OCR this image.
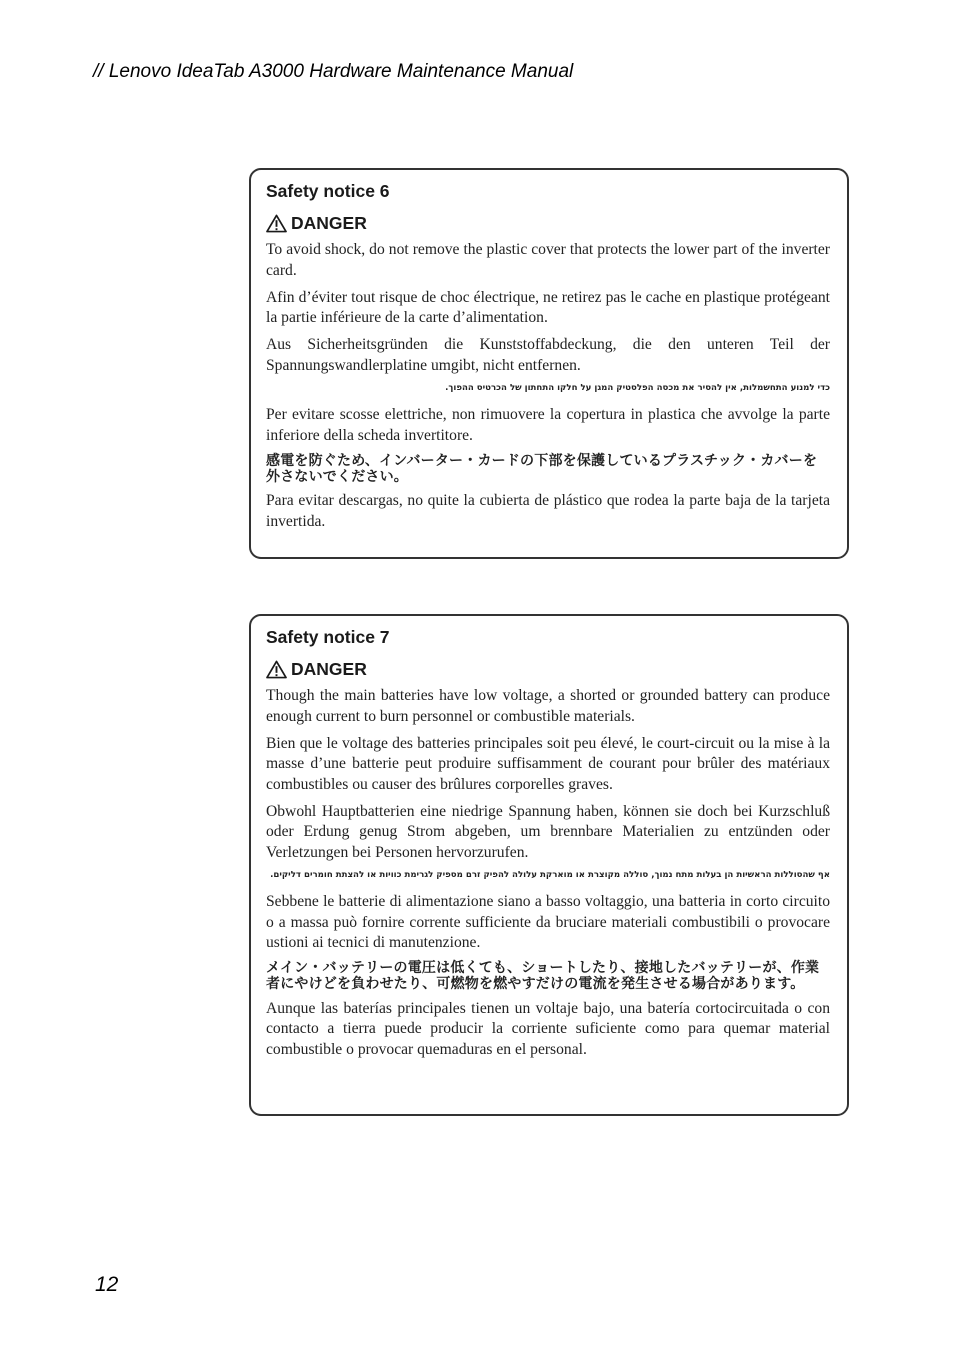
// Lenovo IdeaTab A3000 Hardware Maintenance Manual
Safety notice 6
DANGER

To avoid shock, do not remove the plastic cover that protects the lower part of the inverter card.

Afin d’éviter tout risque de choc électrique, ne retirez pas le cache en plastique protégeant la partie inférieure de la carte d’alimentation.

Aus Sicherheitsgründen die Kunststoffabdeckung, die den unteren Teil der Spannungswandlerplatine umgibt, nicht entfernen.

כדי למנוע התחשמלות, אין להסיר את מכסה הפלסטיק המגן על חלקו התחתון של הכרטיס ההפוך.

Per evitare scosse elettriche, non rimuovere la copertura in plastica che avvolge la parte inferiore della scheda invertitore.

感電を防ぐため、インバーター・カードの下部を保護しているプラスチック・カバーを外さないでください。

Para evitar descargas, no quite la cubierta de plástico que rodea la parte baja de la tarjeta invertida.

Safety notice 7
DANGER

Though the main batteries have low voltage, a shorted or grounded battery can produce enough current to burn personnel or combustible materials.

Bien que le voltage des batteries principales soit peu élevé, le court-circuit ou la mise à la masse d’une batterie peut produire suffisamment de courant pour brûler des matériaux combustibles ou causer des brûlures corporelles graves.

Obwohl Hauptbatterien eine niedrige Spannung haben, können sie doch bei Kurzschluß oder Erdung genug Strom abgeben, um brennbare Materialien zu entzünden oder Verletzungen bei Personen hervorzurufen.

אף שהסוללות הראשיות הן בעלות מתח נמוך, סוללה מקוצרת או מוארקת עלולה להפיק זרם מספיק לגרימת כוויות או להצתת חומרים דליקים.

Sebbene le batterie di alimentazione siano a basso voltaggio, una batteria in corto circuito o a massa può fornire corrente sufficiente da bruciare materiali combustibili o provocare ustioni ai tecnici di manutenzione.

メイン・バッテリーの電圧は低くても、ショートしたり、接地したバッテリーが、作業者にやけどを負わせたり、可燃物を燃やすだけの電流を発生させる場合があります。

Aunque las baterías principales tienen un voltaje bajo, una batería cortocircuitada o con contacto a tierra puede producir la corriente suficiente como para quemar material combustible o provocar quemaduras en el personal.

12
